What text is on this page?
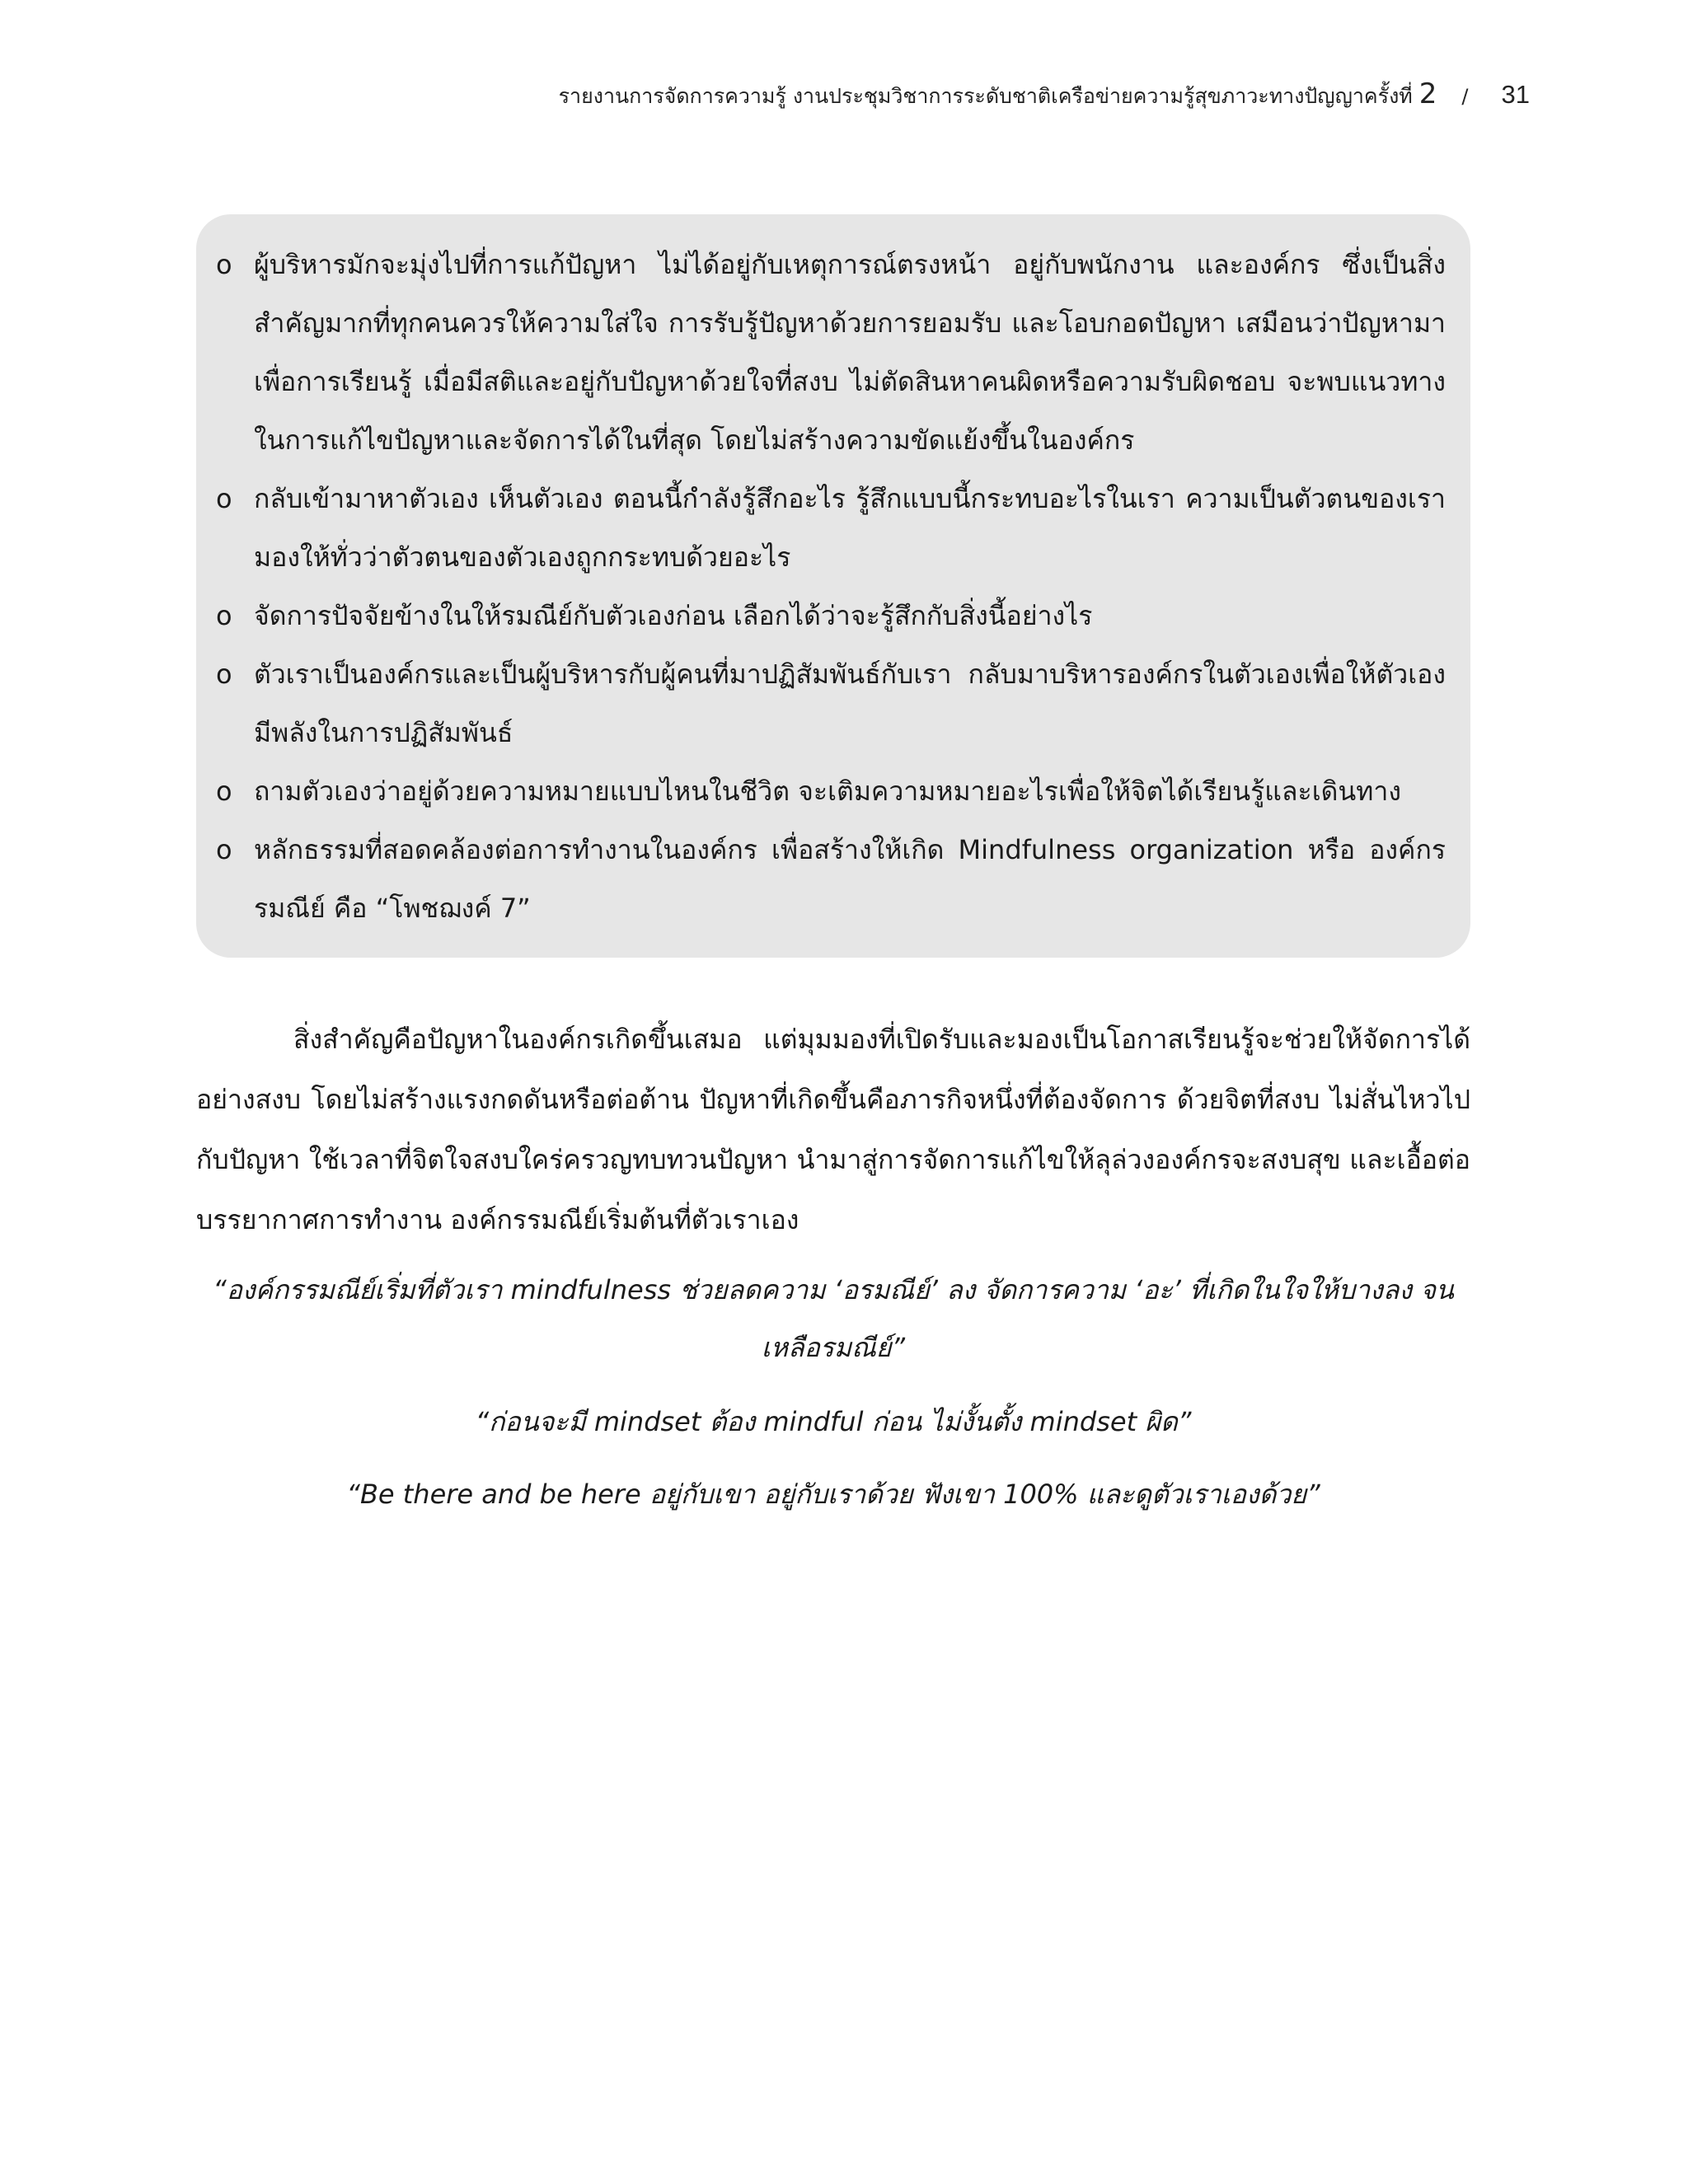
รายงานการจัดการความรู้ งานประชุมวิชาการระดับชาติเครือข่ายความรู้สุขภาวะทางปัญญาครั้งที่ 2 / 31
o ผู้บริหารมักจะมุ่งไปที่การแก้ปัญหา ไม่ได้อยู่กับเหตุการณ์ตรงหน้า อยู่กับพนักงาน และองค์กร ซึ่งเป็นสิ่งสำคัญมากที่ทุกคนควรให้ความใส่ใจ การรับรู้ปัญหาด้วยการยอมรับ และโอบกอดปัญหา เสมือนว่าปัญหามาเพื่อการเรียนรู้ เมื่อมีสติและอยู่กับปัญหาด้วยใจที่สงบ ไม่ตัดสินหาคนผิดหรือความรับผิดชอบ จะพบแนวทางในการแก้ไขปัญหาและจัดการได้ในที่สุด โดยไม่สร้างความขัดแย้งขึ้นในองค์กร
o กลับเข้ามาหาตัวเอง เห็นตัวเอง ตอนนี้กำลังรู้สึกอะไร รู้สึกแบบนี้กระทบอะไรในเรา ความเป็นตัวตนของเรา มองให้ทั่วว่าตัวตนของตัวเองถูกกระทบด้วยอะไร
o จัดการปัจจัยข้างในให้รมณีย์กับตัวเองก่อน เลือกได้ว่าจะรู้สึกกับสิ่งนี้อย่างไร
o ตัวเราเป็นองค์กรและเป็นผู้บริหารกับผู้คนที่มาปฏิสัมพันธ์กับเรา กลับมาบริหารองค์กรในตัวเองเพื่อให้ตัวเองมีพลังในการปฏิสัมพันธ์
o ถามตัวเองว่าอยู่ด้วยความหมายแบบไหนในชีวิต จะเติมความหมายอะไรเพื่อให้จิตได้เรียนรู้และเดินทาง
o หลักธรรมที่สอดคล้องต่อการทำงานในองค์กร เพื่อสร้างให้เกิด Mindfulness organization หรือ องค์กรรมณีย์ คือ “โพชฌงค์ 7”

สิ่งสำคัญคือปัญหาในองค์กรเกิดขึ้นเสมอ แต่มุมมองที่เปิดรับและมองเป็นโอกาสเรียนรู้จะช่วยให้จัดการได้อย่างสงบ โดยไม่สร้างแรงกดดันหรือต่อต้าน ปัญหาที่เกิดขึ้นคือภารกิจหนึ่งที่ต้องจัดการ ด้วยจิตที่สงบ ไม่สั่นไหวไปกับปัญหา ใช้เวลาที่จิตใจสงบใคร่ครวญทบทวนปัญหา นำมาสู่การจัดการแก้ไขให้ลุล่วงองค์กรจะสงบสุข และเอื้อต่อบรรยากาศการทำงาน องค์กรรมณีย์เริ่มต้นที่ตัวเราเอง

“องค์กรรมณีย์เริ่มที่ตัวเรา mindfulness ช่วยลดความ ‘อรมณีย์’ ลง จัดการความ ‘อะ’ ที่เกิดในใจให้บางลง จนเหลือรมณีย์”

“ก่อนจะมี mindset ต้อง mindful ก่อน ไม่งั้นตั้ง mindset ผิด”

“Be there and be here อยู่กับเขา อยู่กับเราด้วย ฟังเขา 100% และดูตัวเราเองด้วย”
